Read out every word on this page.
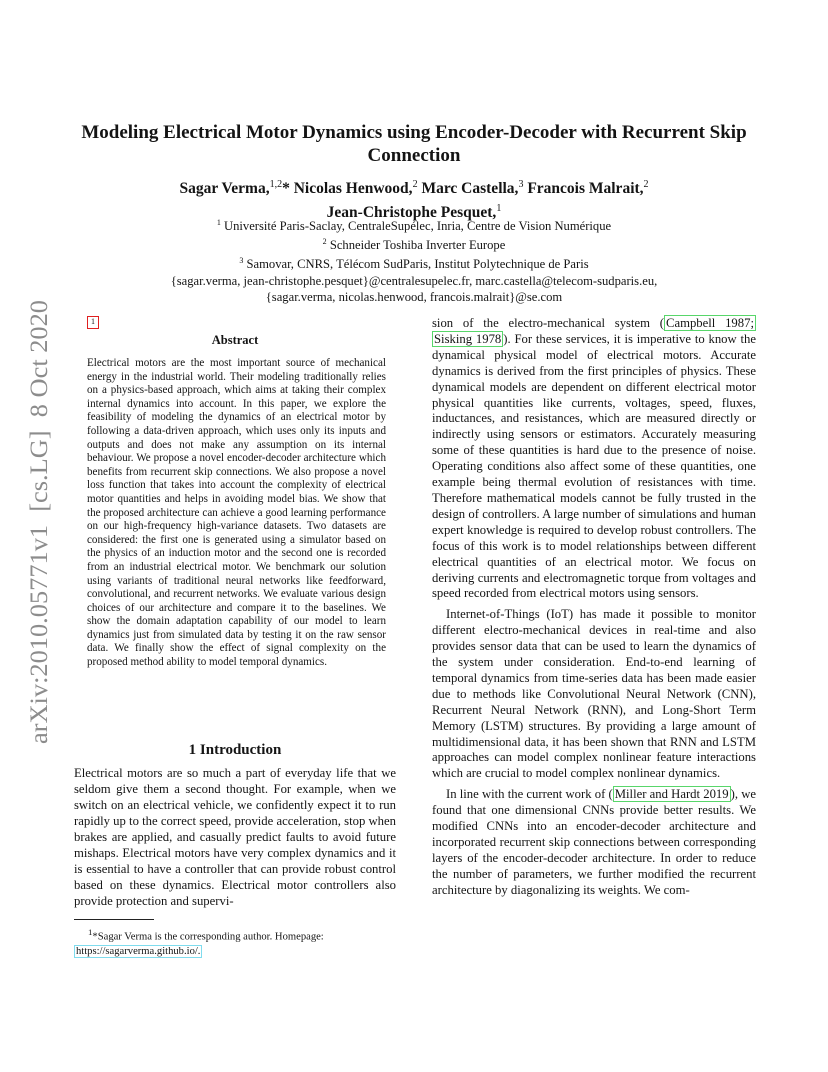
arXiv:2010.05771v1  [cs.LG]  8 Oct 2020
Modeling Electrical Motor Dynamics using Encoder-Decoder with Recurrent Skip Connection
Sagar Verma,$^{1,2}$* Nicolas Henwood,$^2$ Marc Castella,$^3$ Francois Malrait,$^2$
Jean-Christophe Pesquet,$^1$
$^1$ Université Paris-Saclay, CentraleSupélec, Inria, Centre de Vision Numérique
$^2$ Schneider Toshiba Inverter Europe
$^3$ Samovar, CNRS, Télécom SudParis, Institut Polytechnique de Paris
{sagar.verma, jean-christophe.pesquet}@centralesupelec.fr, marc.castella@telecom-sudparis.eu,
{sagar.verma, nicolas.henwood, francois.malrait}@se.com
1
Abstract

Electrical motors are the most important source of mechanical energy in the industrial world. Their modeling traditionally relies on a physics-based approach, which aims at taking their complex internal dynamics into account. In this paper, we explore the feasibility of modeling the dynamics of an electrical motor by following a data-driven approach, which uses only its inputs and outputs and does not make any assumption on its internal behaviour. We propose a novel encoder-decoder architecture which benefits from recurrent skip connections. We also propose a novel loss function that takes into account the complexity of electrical motor quantities and helps in avoiding model bias. We show that the proposed architecture can achieve a good learning performance on our high-frequency high-variance datasets. Two datasets are considered: the first one is generated using a simulator based on the physics of an induction motor and the second one is recorded from an industrial electrical motor. We benchmark our solution using variants of traditional neural networks like feedforward, convolutional, and recurrent networks. We evaluate various design choices of our architecture and compare it to the baselines. We show the domain adaptation capability of our model to learn dynamics just from simulated data by testing it on the raw sensor data. We finally show the effect of signal complexity on the proposed method ability to model temporal dynamics.

1 Introduction

Electrical motors are so much a part of everyday life that we seldom give them a second thought. For example, when we switch on an electrical vehicle, we confidently expect it to run rapidly up to the correct speed, provide acceleration, stop when brakes are applied, and casually predict faults to avoid future mishaps. Electrical motors have very complex dynamics and it is essential to have a controller that can provide robust control based on these dynamics. Electrical motor controllers also provide protection and supervi-

$^1$*Sagar Verma is the corresponding author. Homepage: https://sagarverma.github.io/.

sion of the electro-mechanical system ( Campbell 1987; Sisking 1978 ). For these services, it is imperative to know the dynamical physical model of electrical motors. Accurate dynamics is derived from the first principles of physics. These dynamical models are dependent on different electrical motor physical quantities like currents, voltages, speed, fluxes, inductances, and resistances, which are measured directly or indirectly using sensors or estimators. Accurately measuring some of these quantities is hard due to the presence of noise. Operating conditions also affect some of these quantities, one example being thermal evolution of resistances with time. Therefore mathematical models cannot be fully trusted in the design of controllers. A large number of simulations and human expert knowledge is required to develop robust controllers. The focus of this work is to model relationships between different electrical quantities of an electrical motor. We focus on deriving currents and electromagnetic torque from voltages and speed recorded from electrical motors using sensors.
Internet-of-Things (IoT) has made it possible to monitor different electro-mechanical devices in real-time and also provides sensor data that can be used to learn the dynamics of the system under consideration. End-to-end learning of temporal dynamics from time-series data has been made easier due to methods like Convolutional Neural Network (CNN), Recurrent Neural Network (RNN), and Long-Short Term Memory (LSTM) structures. By providing a large amount of multidimensional data, it has been shown that RNN and LSTM approaches can model complex nonlinear feature interactions which are crucial to model complex nonlinear dynamics.
In line with the current work of ( Miller and Hardt 2019 ), we found that one dimensional CNNs provide better results. We modified CNNs into an encoder-decoder architecture and incorporated recurrent skip connections between corresponding layers of the encoder-decoder architecture. In order to reduce the number of parameters, we further modified the recurrent architecture by diagonalizing its weights. We com-
